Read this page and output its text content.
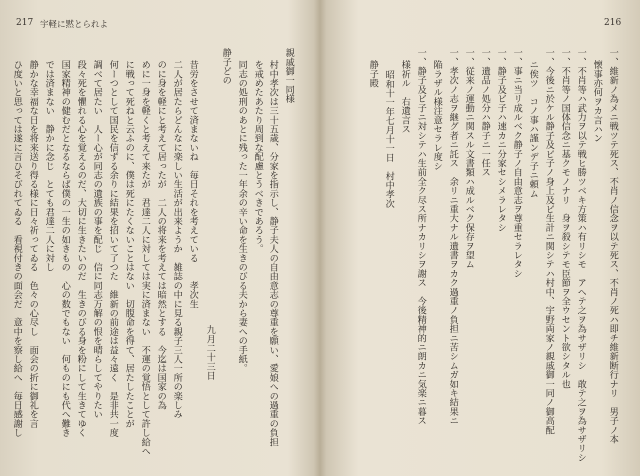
217 宇軽に黙とられよ
親戚御一同様
村中孝次は三十五歳、分家を指示し、静子夫人の自由意志の尊重を願い、愛娘への過重の負担
を戒めたあたり周到な配慮とうべきであろう。
同志の処刑のあとに残った一年余の辛い命を生きのびる夫から妻への手紙。
静子どの
九月二十三日
昔労をさせて済まないね　毎日それを考えている　　孝次生
二人が居たらどんなに楽しい生活が出来ようか　雑誌の中に見る親子三人一所の楽しみ
のに身を軽にと考えて居ったが　二人の将来を考えては暗然とする　今迄は国家の為
めに一身を軽くと考えて来たが　君達二人に対しては実に済まない　不運の覚悟として許し給へ
に戦って死ねと云ふのに、僕は死にたくないことはない　切腹命を得て、居たしたことが
何ーつとして国民を信ずる余りに結果を招いて了つた　維新の前途は益々遠く　是非共一度
調べて居たい　人ー心が同志の遺族の事を配じ　信に同志万解の恨を晴らしてやりたい
段々死を懼れる心を覚えるのだ、大切に生きたいのだ　生きのびる身を粉にして生きてゆく
国家精神の健むだとなるならば僕の一生の如きもの　心の数でもない　何ものにも代へ難き
では済まない　静かに念じ　とても君達二人に対し
静かな幸福な日を将来送り得る様に日々祈ってゐる　色々の心尽し　面会の折に御礼を言
ひ度いと思っては遂に言ひそびれてゐる　看視付きの面会だ　意中を察し給へ　毎日感謝し
216
一、維新ノ為メニ戦ツテ死ス、不肖ノ信念ヲ以テ死ス、不肖ノ死ハ即チ維新断行ナリ　男子ノ本
懐事亦何ヲカ言ハン
一、不肖等ハ武力ヲ以テ戦ヒ勝ツベキ方策ハ有リシモ　アヘテ之ヲ為サザリシ　敢テ之ヲ為サザリシ
一、不肖等ノ国体信念ニ基クモノナリ　身ヲ殺シテモ臣節ヲ全ウセント欲シタル也
一、今後ニ於ケル静子及ビ子ノ身上及ビ生計ニ関シテハ村中、宇野両家ノ親戚御一同ノ御高配
ニ俟ツ　コノ事ハ謹ンデ子ニ頼ム
一、事ニ当リ成ルベク静子ノ自由意志ヲ尊重セラレタシ
一、静子及ビ子ハ速カニ分家セシメラレタシ
一、遺品ノ処分ハ静子ニ一任ス
一、従来ノ運動ニ関スル文書類ハ成ルベク保存ヲ望ム
一、孝次ノ志ヲ継グ者ニ託ス　余リニ重大ナル遺書ヲカク過重ノ負担ニ苦シムガ如キ結果ニ
陥ラザル様注意セラレ度シ
一、静子及ビ子ニ対シテハ生前全ク尽ス所ナカリシヲ謝ス　今後精神的ニ朗カニ気楽ニ暮ス
様祈ル　右遺言ス
昭和十一年七月十一日　村中孝次
静子殿
